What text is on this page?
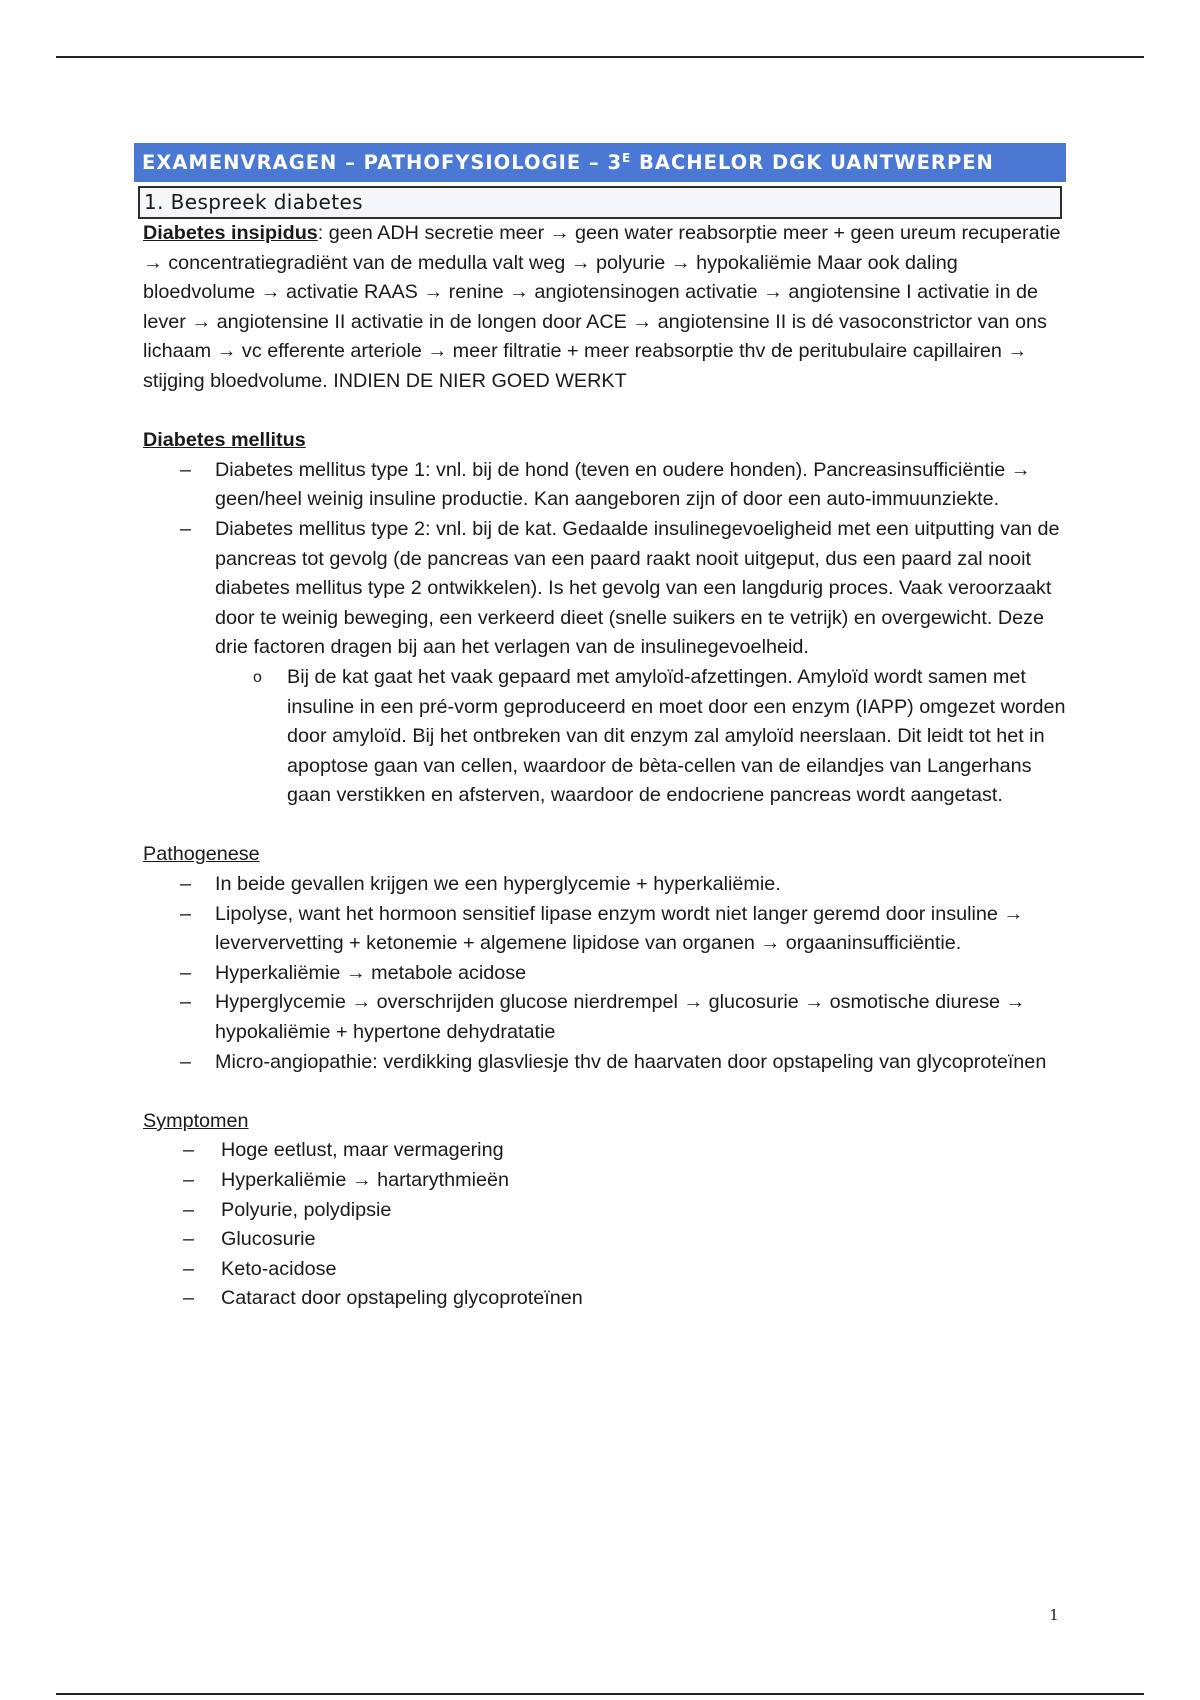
EXAMENVRAGEN – PATHOFYSIOLOGIE – $3^E$ BACHELOR DGK UANTWERPEN
1. Bespreek diabetes

Diabetes insipidus: geen ADH secretie meer → geen water reabsorptie meer + geen ureum recuperatie → concentratiegradiënt van de medulla valt weg → polyurie → hypokaliëmie Maar ook daling bloedvolume → activatie RAAS → renine → angiotensinogen activatie → angiotensine I activatie in de lever → angiotensine II activatie in de longen door ACE → angiotensine II is dé vasoconstrictor van ons lichaam → vc efferente arteriole → meer filtratie + meer reabsorptie thv de peritubulaire capillairen → stijging bloedvolume. INDIEN DE NIER GOED WERKT

Diabetes mellitus

– Diabetes mellitus type 1: vnl. bij de hond (teven en oudere honden). Pancreasinsufficiëntie → geen/heel weinig insuline productie. Kan aangeboren zijn of door een auto-immuunziekte.
– Diabetes mellitus type 2: vnl. bij de kat. Gedaalde insulinegevoeligheid met een uitputting van de pancreas tot gevolg (de pancreas van een paard raakt nooit uitgeput, dus een paard zal nooit diabetes mellitus type 2 ontwikkelen). Is het gevolg van een langdurig proces. Vaak veroorzaakt door te weinig beweging, een verkeerd dieet (snelle suikers en te vetrijk) en overgewicht. Deze drie factoren dragen bij aan het verlagen van de insulinegevoelheid.
o Bij de kat gaat het vaak gepaard met amyloïd-afzettingen. Amyloïd wordt samen met insuline in een pré-vorm geproduceerd en moet door een enzym (IAPP) omgezet worden door amyloïd. Bij het ontbreken van dit enzym zal amyloïd neerslaan. Dit leidt tot het in apoptose gaan van cellen, waardoor de bèta-cellen van de eilandjes van Langerhans gaan verstikken en afsterven, waardoor de endocriene pancreas wordt aangetast.

Pathogenese

– In beide gevallen krijgen we een hyperglycemie + hyperkaliëmie.
– Lipolyse, want het hormoon sensitief lipase enzym wordt niet langer geremd door insuline → leververvetting + ketonemie + algemene lipidose van organen → orgaaninsufficiëntie.
– Hyperkaliëmie → metabole acidose
– Hyperglycemie → overschrijden glucose nierdrempel → glucosurie → osmotische diurese → hypokaliëmie + hypertone dehydratatie
– Micro-angiopathie: verdikking glasvliesje thv de haarvaten door opstapeling van glycoproteïnen

Symptomen

– Hoge eetlust, maar vermagering
– Hyperkaliëmie → hartarythmieën
– Polyurie, polydipsie
– Glucosurie
– Keto-acidose
– Cataract door opstapeling glycoproteïnen
1
